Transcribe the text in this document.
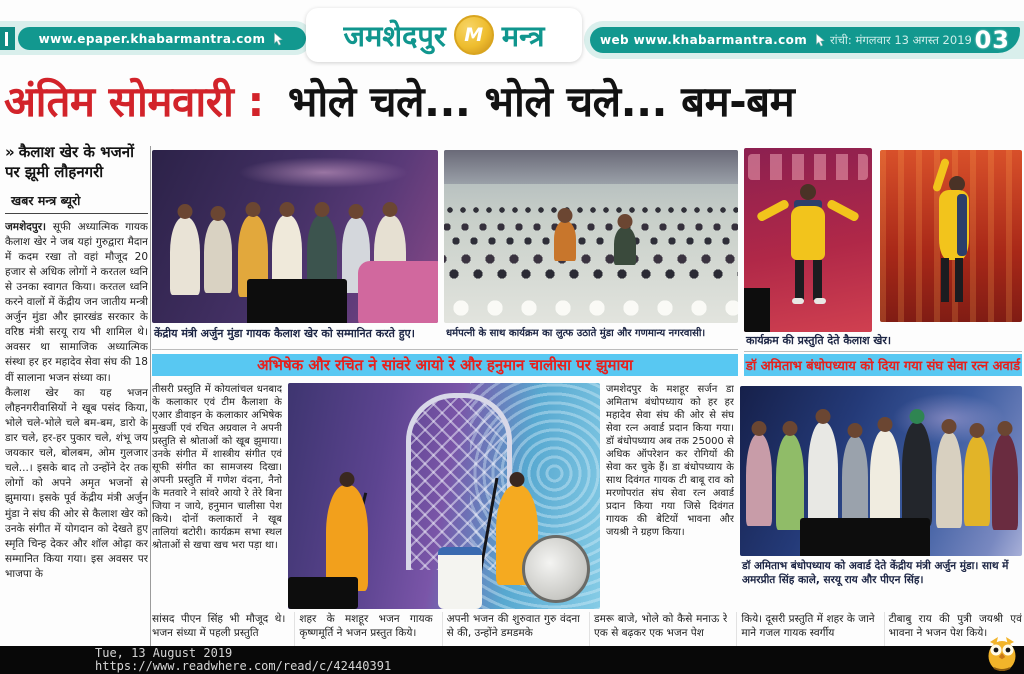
www.epaper.khabarmantra.com	जमशेदपुर M मन्त्र	web www.khabarmantra.com रांची: मंगलवार 13 अगस्त 2019 03
अंतिम सोमवारी : भोले चले... भोले चले... बम-बम
» कैलाश खेर के भजनों पर झूमी लौहनगरी
खबर मन्त्र ब्यूरो
जमशेदपुर। सूफी अध्यात्मिक गायक कैलाश खेर ने जब यहां गुरुद्वारा मैदान में कदम रखा तो वहां मौजूद 20 हजार से अधिक लोगों ने करतल ध्वनि से उनका स्वागत किया। करतल ध्वनि करने वालों में केंद्रीय जन जातीय मन्त्री अर्जुन मुंडा और झारखंड सरकार के वरिष्ठ मंत्री सरयू राय भी शामिल थे। अवसर था सामाजिक अध्यात्मिक संस्था हर हर महादेव सेवा संघ की 18 वीं सालाना भजन संध्या का।
कैलाश खेर का यह भजन लौहनगरीवासियों ने खूब पसंद किया, भोले चले-भोले चले बम-बम, डारो के डार चले, हर-हर पुकार चले, शंभू जय जयकार चले, बोलबम, ओम गुलजार चले...। इसके बाद तो उन्होंने देर तक लोगों को अपने अमृत भजनों से झुमाया। इसके पूर्व केंद्रीय मंत्री अर्जुन मुंडा ने संघ की ओर से कैलाश खेर को उनके संगीत में योगदान को देखते हुए स्मृति चिन्ह देकर और शॉल ओढ़ा कर सम्मानित किया गया। इस अवसर पर भाजपा के
केंद्रीय मंत्री अर्जुन मुंडा गायक कैलाश खेर को सम्मानित करते हुए।	धर्मपत्नी के साथ कार्यक्रम का लुत्फ उठाते मुंडा और गणमान्य नगरवासी।
कार्यक्रम की प्रस्तुति देते कैलाश खेर।
अभिषेक और रचित ने सांवरे आयो रे और हनुमान चालीसा पर झुमाया	डॉ अमिताभ बंधोपध्याय को दिया गया संघ सेवा रत्न अवार्ड
तीसरी प्रस्तुति में कोयलांचल धनबाद के कलाकार एवं टीम कैलाशा के एआर डीवाइन के कलाकार अभिषेक मुखर्जी एवं रचित अग्रवाल ने अपनी प्रस्तुति से श्रोताओं को खूब झुमाया। उनके संगीत में शास्त्रीय संगीत एवं सूफी संगीत का सामजस्य दिखा। अपनी प्रस्तुति में गणेश वंदना, नैनो के मतवारे ने सांवरे आयो रे तेरे बिना जिया न जाये, हनुमान चालीसा पेश किये। दोनों कलाकारों ने खूब तालियां बटोरी। कार्यक्रम सभा स्थल श्रोताओं से खचा खच भरा पड़ा था।
जमशेदपुर के मशहूर सर्जन डा अमिताभ बंधोपध्याय को हर हर महादेव सेवा संघ की ओर से संघ सेवा रत्न अवार्ड प्रदान किया गया। डॉ बंधोपध्याय अब तक 25000 से अधिक ऑपरेशन कर रोगियों की सेवा कर चुके हैं। डा बंधोपध्याय के साथ दिवंगत गायक टी बाबू राव को मरणोपरांत संघ सेवा रत्न अवार्ड प्रदान किया गया जिसे दिवंगत गायक की बेटियों भावना और जयश्री ने ग्रहण किया।
डॉ अमिताभ बंधोपध्याय को अवार्ड देते केंद्रीय मंत्री अर्जुन मुंडा। साथ में अमरप्रीत सिंह काले, सरयू राय और पीएन सिंह।
सांसद पीएन सिंह भी मौजूद थे। भजन संध्या में पहली प्रस्तुति
शहर के मशहूर भजन गायक कृष्णमूर्ति ने भजन प्रस्तुत किये।
अपनी भजन की शुरुवात गुरु वंदना से की, उन्होंने डमडमके
डमरू बाजे, भोले को कैसे मनाऊ रे एक से बढ़कर एक भजन पेश
किये। दूसरी प्रस्तुति में शहर के जाने माने गजल गायक स्वर्गीय
टीबाबु राय की पुत्री जयश्री एवं भावना ने भजन पेश किये।
Tue, 13 August 2019
https://www.readwhere.com/read/c/42440391
